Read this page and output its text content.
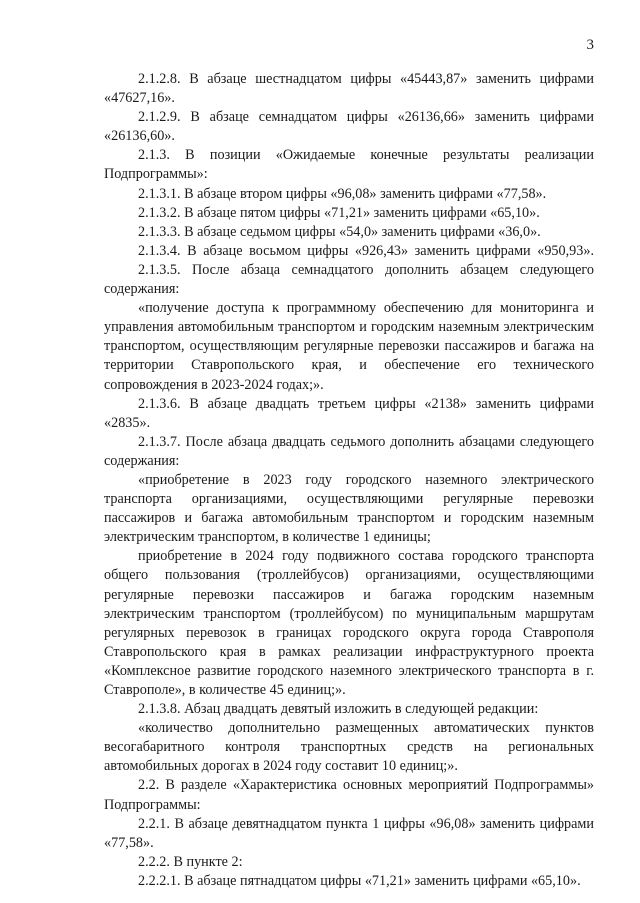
3

2.1.2.8. В абзаце шестнадцатом цифры «45443,87» заменить цифрами «47627,16».

2.1.2.9. В абзаце семнадцатом цифры «26136,66» заменить цифрами «26136,60».

2.1.3. В позиции «Ожидаемые конечные результаты реализации Подпрограммы»:

2.1.3.1. В абзаце втором цифры «96,08» заменить цифрами «77,58».

2.1.3.2. В абзаце пятом цифры «71,21» заменить цифрами «65,10».

2.1.3.3. В абзаце седьмом цифры «54,0» заменить цифрами «36,0».

2.1.3.4. В абзаце восьмом цифры «926,43» заменить цифрами «950,93».

2.1.3.5. После абзаца семнадцатого дополнить абзацем следующего содержания:

«получение доступа к программному обеспечению для мониторинга и управления автомобильным транспортом и городским наземным электрическим транспортом, осуществляющим регулярные перевозки пассажиров и багажа на территории Ставропольского края, и обеспечение его технического сопровождения в 2023-2024 годах;».

2.1.3.6. В абзаце двадцать третьем цифры «2138» заменить цифрами «2835».

2.1.3.7. После абзаца двадцать седьмого дополнить абзацами следующего содержания:

«приобретение в 2023 году городского наземного электрического транспорта организациями, осуществляющими регулярные перевозки пассажиров и багажа автомобильным транспортом и городским наземным электрическим транспортом, в количестве 1 единицы;

приобретение в 2024 году подвижного состава городского транспорта общего пользования (троллейбусов) организациями, осуществляющими регулярные перевозки пассажиров и багажа городским наземным электрическим транспортом (троллейбусом) по муниципальным маршрутам регулярных перевозок в границах городского округа города Ставрополя Ставропольского края в рамках реализации инфраструктурного проекта «Комплексное развитие городского наземного электрического транспорта в г. Ставрополе», в количестве 45 единиц;».

2.1.3.8. Абзац двадцать девятый изложить в следующей редакции:

«количество дополнительно размещенных автоматических пунктов весогабаритного контроля транспортных средств на региональных автомобильных дорогах в 2024 году составит 10 единиц;».

2.2. В разделе «Характеристика основных мероприятий Подпрограммы» Подпрограммы:

2.2.1. В абзаце девятнадцатом пункта 1 цифры «96,08» заменить цифрами «77,58».

2.2.2. В пункте 2:

2.2.2.1. В абзаце пятнадцатом цифры «71,21» заменить цифрами «65,10».
